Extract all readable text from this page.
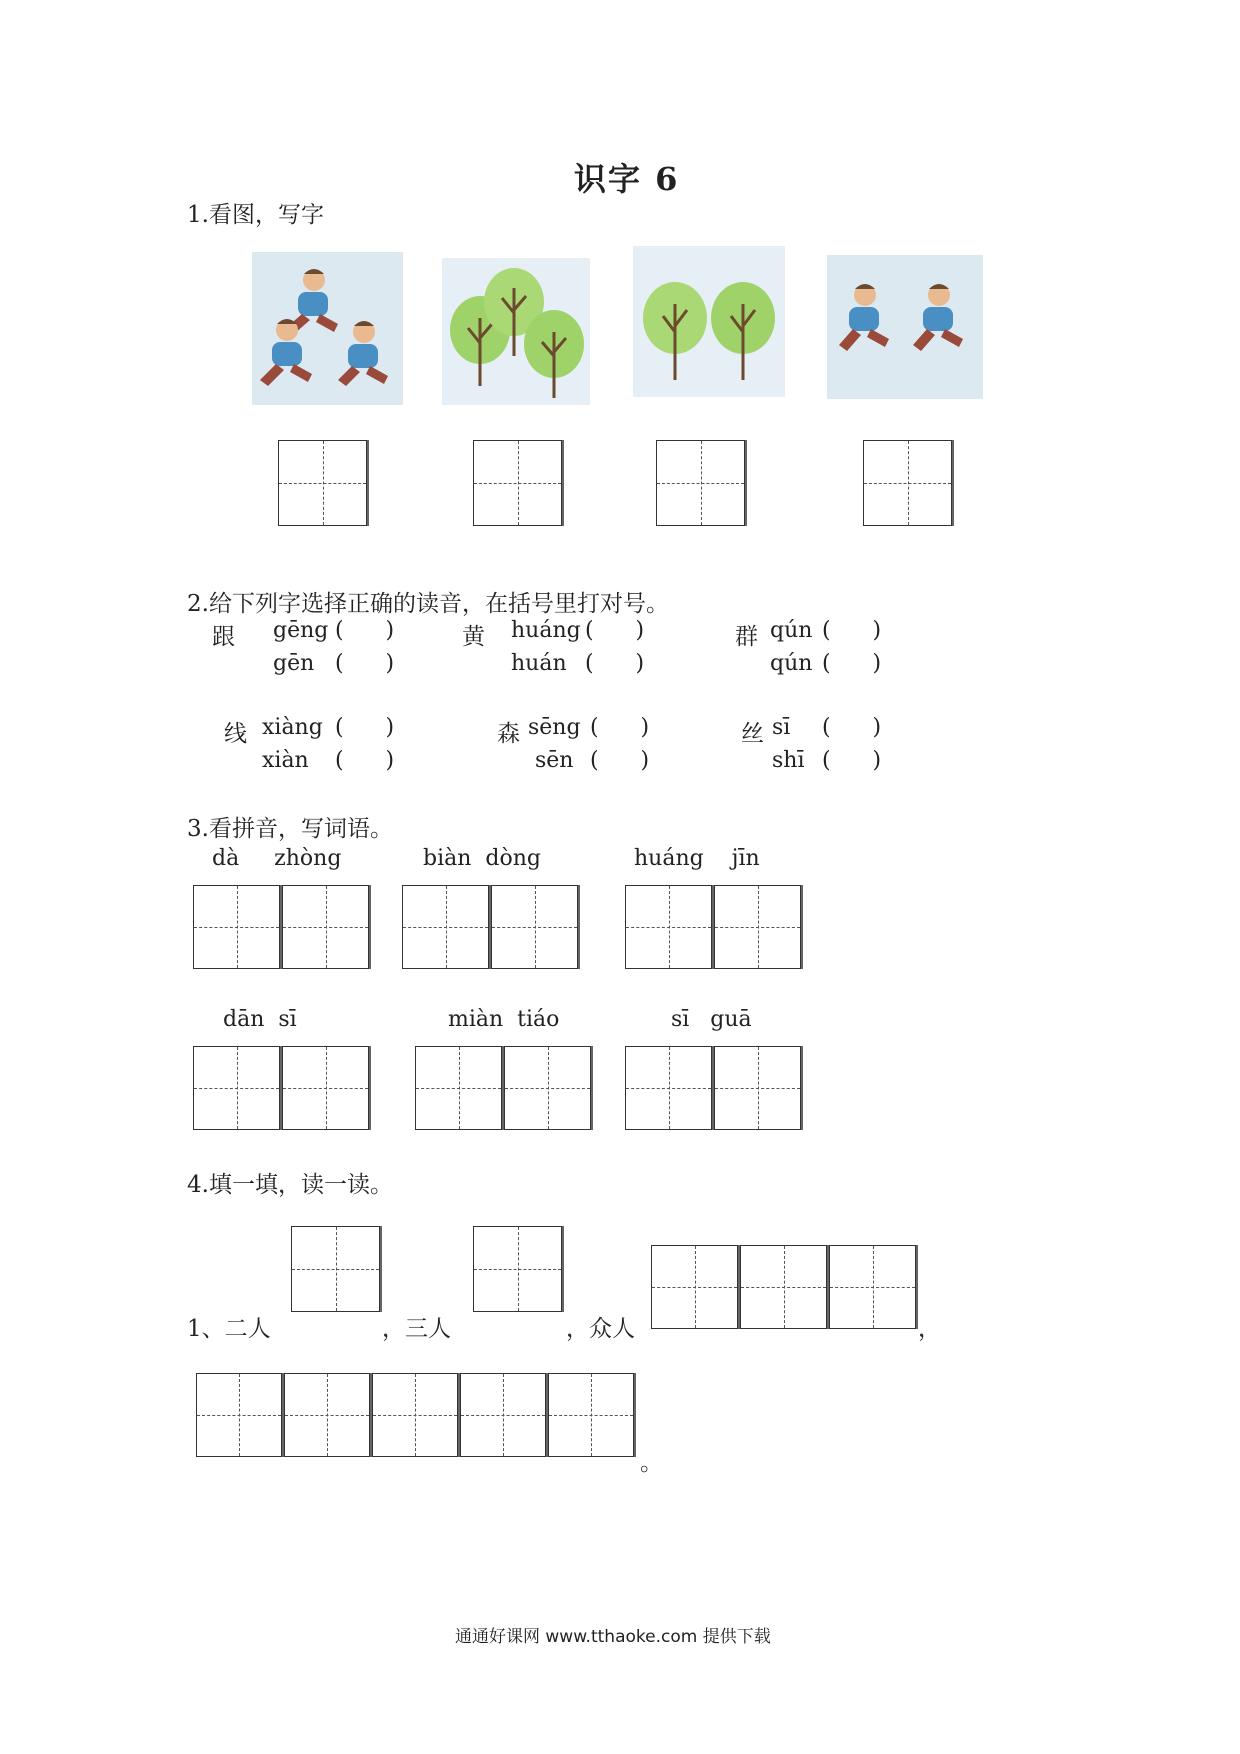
识字 6
1.看图，写字
2.给下列字选择正确的读音，在括号里打对号。
跟 gēng (      )
gēn (      )
黄 huáng (      )
huán (      )
群 qún (      )
qún (      )
线 xiàng (      )
xiàn (      )
森 sēng (      )
sēn (      )
丝 sī (      )
shī (      )
3.看拼音，写词语。
dà     zhòng	biàn  dòng	huáng    jīn
dān  sī	miàn  tiáo	sī   guā
4.填一填，读一读。
1、二人	，三人	，众人	，
。
通通好课网 www.tthaoke.com 提供下载
